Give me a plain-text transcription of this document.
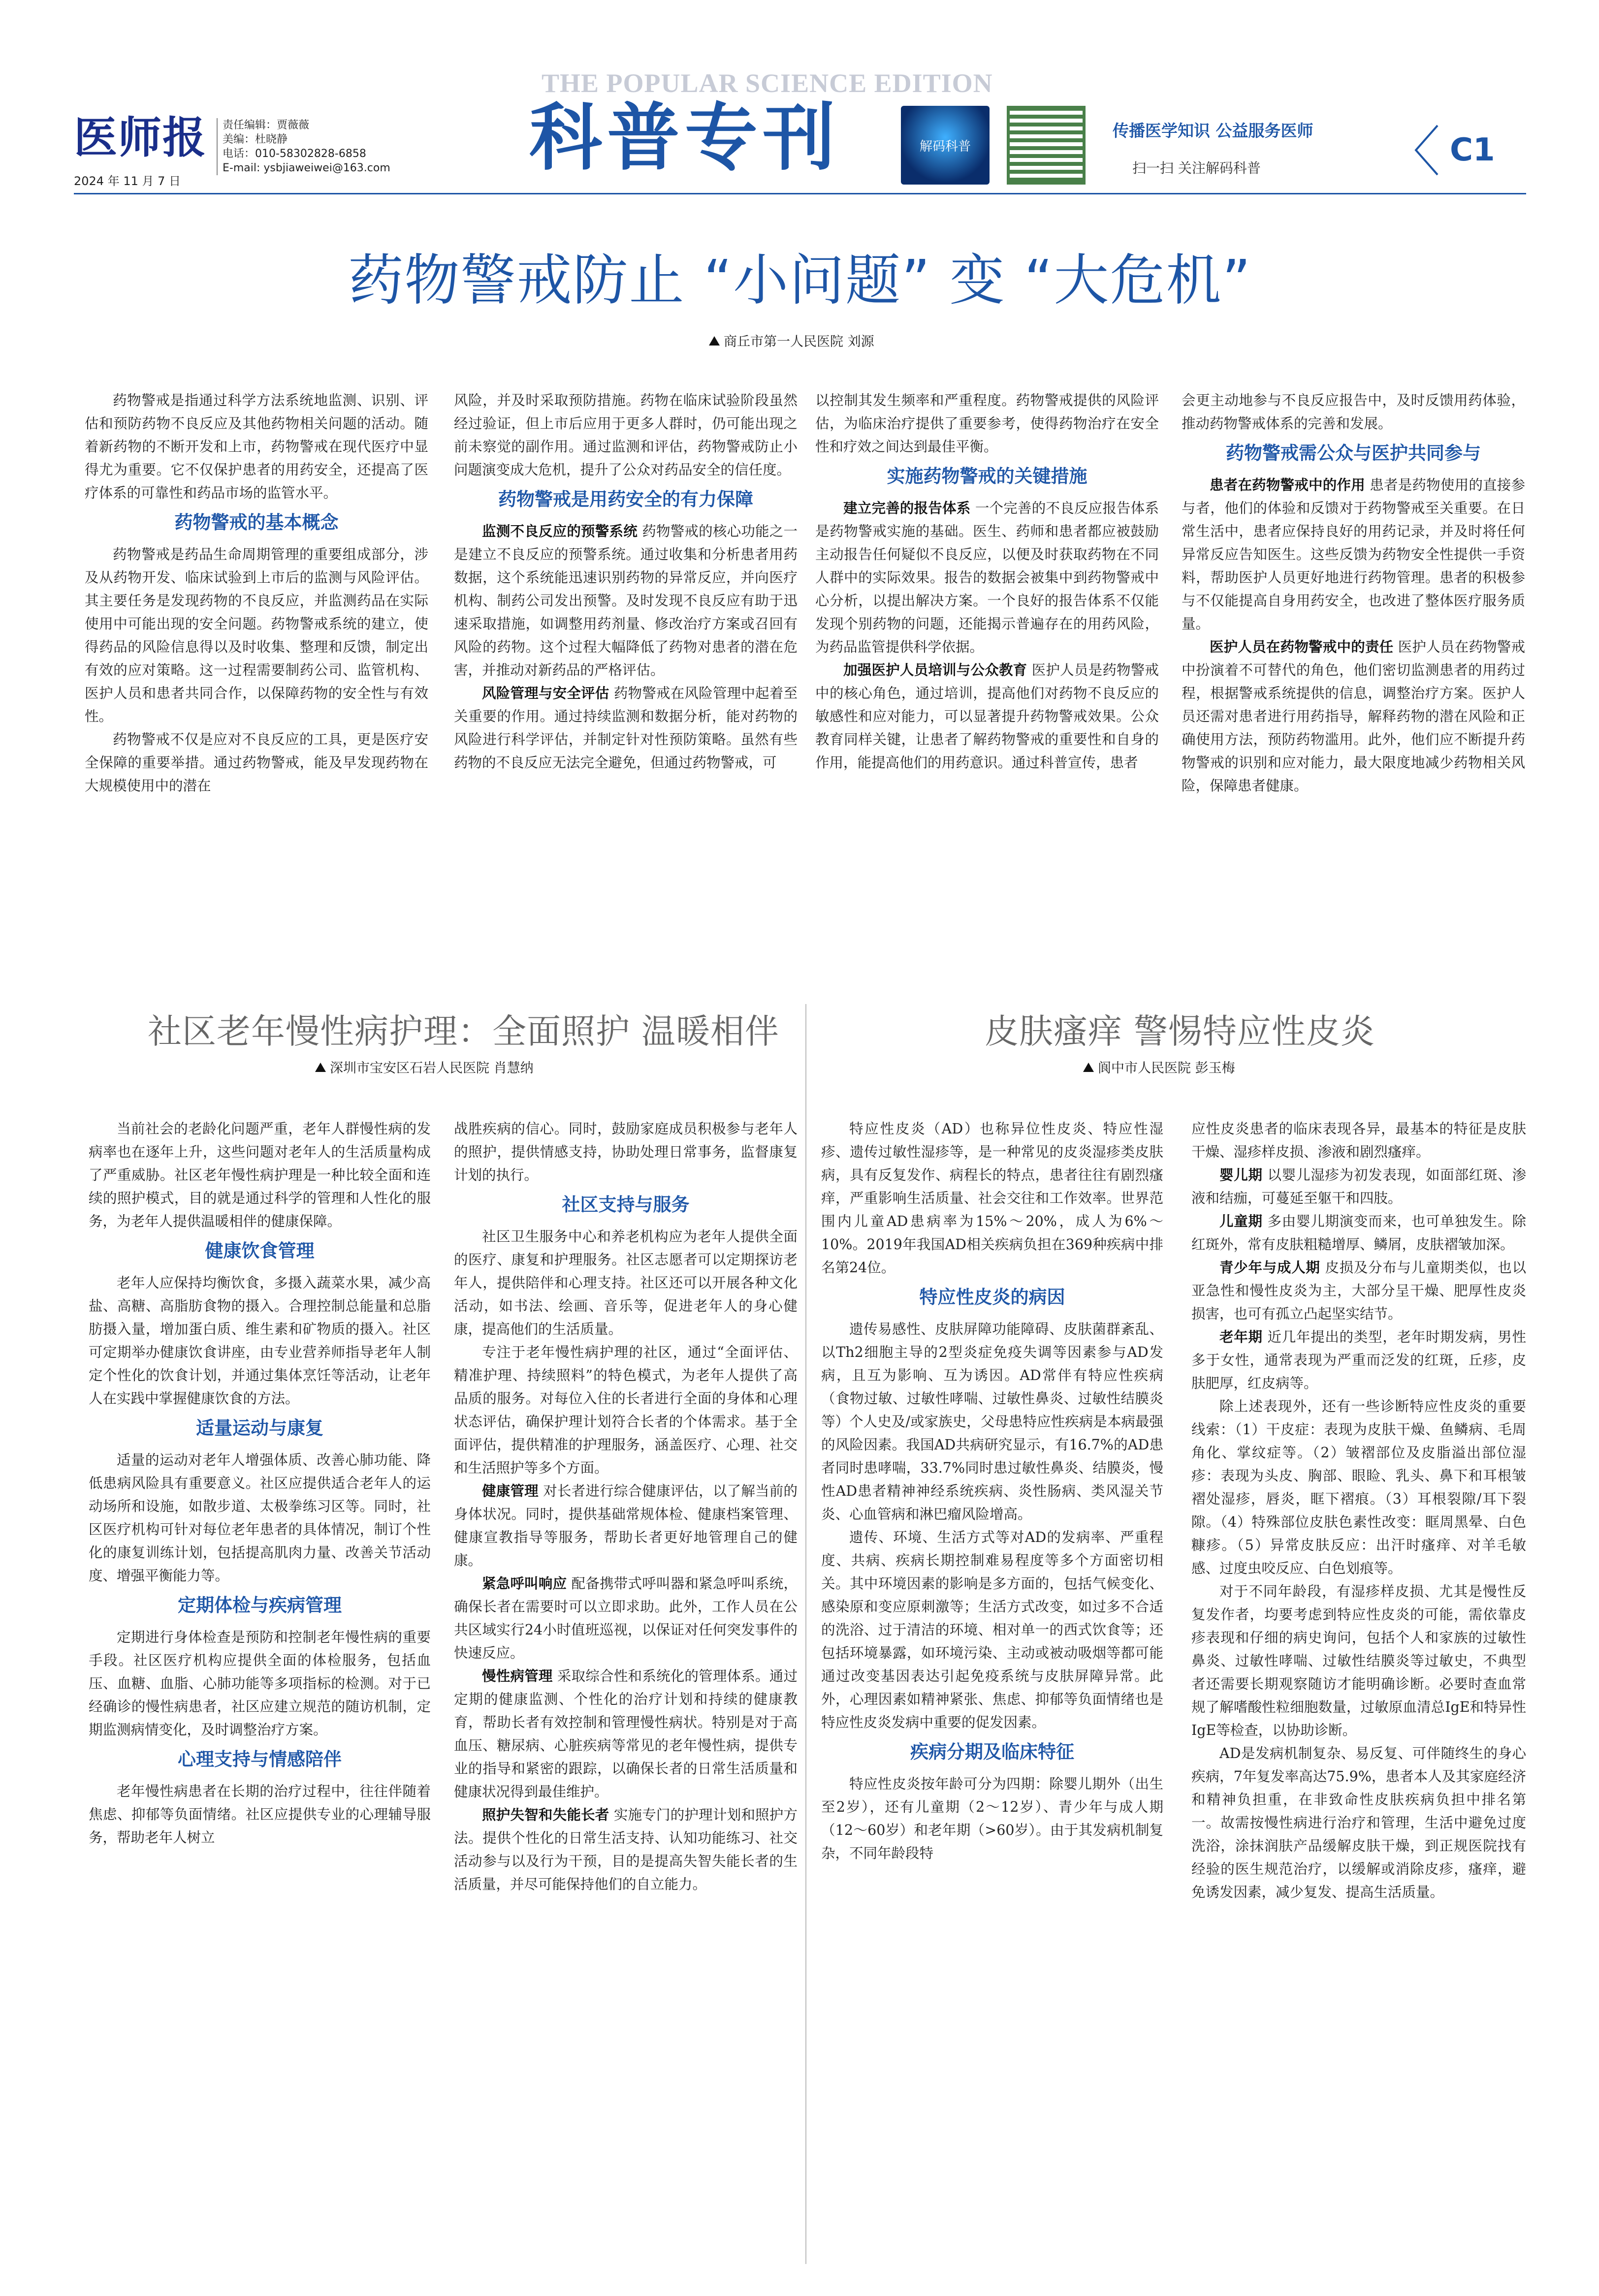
医师报 责任编辑：贾薇薇
美编：杜晓静
电话：010-58302828-6858
E-mail: ysbjiaweiwei@163.com
2024 年 11 月 7 日
THE POPULAR SCIENCE EDITION
科普专刊	解码科普
传播医学知识 公益服务医师
扫一扫 关注解码科普	C1
药物警戒防止 “小问题” 变 “大危机”
商丘市第一人民医院 刘源

药物警戒是指通过科学方法系统地监测、识别、评估和预防药物不良反应及其他药物相关问题的活动。随着新药物的不断开发和上市，药物警戒在现代医疗中显得尤为重要。它不仅保护患者的用药安全，还提高了医疗体系的可靠性和药品市场的监管水平。

药物警戒的基本概念

药物警戒是药品生命周期管理的重要组成部分，涉及从药物开发、临床试验到上市后的监测与风险评估。其主要任务是发现药物的不良反应，并监测药品在实际使用中可能出现的安全问题。药物警戒系统的建立，使得药品的风险信息得以及时收集、整理和反馈，制定出有效的应对策略。这一过程需要制药公司、监管机构、医护人员和患者共同合作，以保障药物的安全性与有效性。

药物警戒不仅是应对不良反应的工具，更是医疗安全保障的重要举措。通过药物警戒，能及早发现药物在大规模使用中的潜在

风险，并及时采取预防措施。药物在临床试验阶段虽然经过验证，但上市后应用于更多人群时，仍可能出现之前未察觉的副作用。通过监测和评估，药物警戒防止小问题演变成大危机，提升了公众对药品安全的信任度。

药物警戒是用药安全的有力保障

监测不良反应的预警系统 药物警戒的核心功能之一是建立不良反应的预警系统。通过收集和分析患者用药数据，这个系统能迅速识别药物的异常反应，并向医疗机构、制药公司发出预警。及时发现不良反应有助于迅速采取措施，如调整用药剂量、修改治疗方案或召回有风险的药物。这个过程大幅降低了药物对患者的潜在危害，并推动对新药品的严格评估。

风险管理与安全评估 药物警戒在风险管理中起着至关重要的作用。通过持续监测和数据分析，能对药物的风险进行科学评估，并制定针对性预防策略。虽然有些药物的不良反应无法完全避免，但通过药物警戒，可

以控制其发生频率和严重程度。药物警戒提供的风险评估，为临床治疗提供了重要参考，使得药物治疗在安全性和疗效之间达到最佳平衡。

实施药物警戒的关键措施

建立完善的报告体系 一个完善的不良反应报告体系是药物警戒实施的基础。医生、药师和患者都应被鼓励主动报告任何疑似不良反应，以便及时获取药物在不同人群中的实际效果。报告的数据会被集中到药物警戒中心分析，以提出解决方案。一个良好的报告体系不仅能发现个别药物的问题，还能揭示普遍存在的用药风险，为药品监管提供科学依据。

加强医护人员培训与公众教育 医护人员是药物警戒中的核心角色，通过培训，提高他们对药物不良反应的敏感性和应对能力，可以显著提升药物警戒效果。公众教育同样关键，让患者了解药物警戒的重要性和自身的作用，能提高他们的用药意识。通过科普宣传，患者

会更主动地参与不良反应报告中，及时反馈用药体验，推动药物警戒体系的完善和发展。

药物警戒需公众与医护共同参与

患者在药物警戒中的作用 患者是药物使用的直接参与者，他们的体验和反馈对于药物警戒至关重要。在日常生活中，患者应保持良好的用药记录，并及时将任何异常反应告知医生。这些反馈为药物安全性提供一手资料，帮助医护人员更好地进行药物管理。患者的积极参与不仅能提高自身用药安全，也改进了整体医疗服务质量。

医护人员在药物警戒中的责任 医护人员在药物警戒中扮演着不可替代的角色，他们密切监测患者的用药过程，根据警戒系统提供的信息，调整治疗方案。医护人员还需对患者进行用药指导，解释药物的潜在风险和正确使用方法，预防药物滥用。此外，他们应不断提升药物警戒的识别和应对能力，最大限度地减少药物相关风险，保障患者健康。

社区老年慢性病护理：全面照护 温暖相伴
深圳市宝安区石岩人民医院 肖慧纳

当前社会的老龄化问题严重，老年人群慢性病的发病率也在逐年上升，这些问题对老年人的生活质量构成了严重威胁。社区老年慢性病护理是一种比较全面和连续的照护模式，目的就是通过科学的管理和人性化的服务，为老年人提供温暖相伴的健康保障。

健康饮食管理

老年人应保持均衡饮食，多摄入蔬菜水果，减少高盐、高糖、高脂肪食物的摄入。合理控制总能量和总脂肪摄入量，增加蛋白质、维生素和矿物质的摄入。社区可定期举办健康饮食讲座，由专业营养师指导老年人制定个性化的饮食计划，并通过集体烹饪等活动，让老年人在实践中掌握健康饮食的方法。

适量运动与康复

适量的运动对老年人增强体质、改善心肺功能、降低患病风险具有重要意义。社区应提供适合老年人的运动场所和设施，如散步道、太极拳练习区等。同时，社区医疗机构可针对每位老年患者的具体情况，制订个性化的康复训练计划，包括提高肌肉力量、改善关节活动度、增强平衡能力等。

定期体检与疾病管理

定期进行身体检查是预防和控制老年慢性病的重要手段。社区医疗机构应提供全面的体检服务，包括血压、血糖、血脂、心肺功能等多项指标的检测。对于已经确诊的慢性病患者，社区应建立规范的随访机制，定期监测病情变化，及时调整治疗方案。

心理支持与情感陪伴

老年慢性病患者在长期的治疗过程中，往往伴随着焦虑、抑郁等负面情绪。社区应提供专业的心理辅导服务，帮助老年人树立

战胜疾病的信心。同时，鼓励家庭成员积极参与老年人的照护，提供情感支持，协助处理日常事务，监督康复计划的执行。

社区支持与服务

社区卫生服务中心和养老机构应为老年人提供全面的医疗、康复和护理服务。社区志愿者可以定期探访老年人，提供陪伴和心理支持。社区还可以开展各种文化活动，如书法、绘画、音乐等，促进老年人的身心健康，提高他们的生活质量。

专注于老年慢性病护理的社区，通过“全面评估、精准护理、持续照料”的特色模式，为老年人提供了高品质的服务。对每位入住的长者进行全面的身体和心理状态评估，确保护理计划符合长者的个体需求。基于全面评估，提供精准的护理服务，涵盖医疗、心理、社交和生活照护等多个方面。

健康管理 对长者进行综合健康评估，以了解当前的身体状况。同时，提供基础常规体检、健康档案管理、健康宣教指导等服务，帮助长者更好地管理自己的健康。

紧急呼叫响应 配备携带式呼叫器和紧急呼叫系统，确保长者在需要时可以立即求助。此外，工作人员在公共区域实行24小时值班巡视，以保证对任何突发事件的快速反应。

慢性病管理 采取综合性和系统化的管理体系。通过定期的健康监测、个性化的治疗计划和持续的健康教育，帮助长者有效控制和管理慢性病状。特别是对于高血压、糖尿病、心脏疾病等常见的老年慢性病，提供专业的指导和紧密的跟踪，以确保长者的日常生活质量和健康状况得到最佳维护。

照护失智和失能长者 实施专门的护理计划和照护方法。提供个性化的日常生活支持、认知功能练习、社交活动参与以及行为干预，目的是提高失智失能长者的生活质量，并尽可能保持他们的自立能力。

皮肤瘙痒 警惕特应性皮炎
阆中市人民医院 彭玉梅

特应性皮炎（AD）也称异位性皮炎、特应性湿疹、遗传过敏性湿疹等，是一种常见的皮炎湿疹类皮肤病，具有反复发作、病程长的特点，患者往往有剧烈瘙痒，严重影响生活质量、社会交往和工作效率。世界范围内儿童AD患病率为15%～20%，成人为6%～10%。2019年我国AD相关疾病负担在369种疾病中排名第24位。

特应性皮炎的病因

遗传易感性、皮肤屏障功能障碍、皮肤菌群紊乱、以Th2细胞主导的2型炎症免疫失调等因素参与AD发病，且互为影响、互为诱因。AD常伴有特应性疾病（食物过敏、过敏性哮喘、过敏性鼻炎、过敏性结膜炎等）个人史及/或家族史，父母患特应性疾病是本病最强的风险因素。我国AD共病研究显示，有16.7%的AD患者同时患哮喘，33.7%同时患过敏性鼻炎、结膜炎，慢性AD患者精神神经系统疾病、炎性肠病、类风湿关节炎、心血管病和淋巴瘤风险增高。

遗传、环境、生活方式等对AD的发病率、严重程度、共病、疾病长期控制难易程度等多个方面密切相关。其中环境因素的影响是多方面的，包括气候变化、感染原和变应原刺激等；生活方式改变，如过多不合适的洗浴、过于清洁的环境、相对单一的西式饮食等；还包括环境暴露，如环境污染、主动或被动吸烟等都可能通过改变基因表达引起免疫系统与皮肤屏障异常。此外，心理因素如精神紧张、焦虑、抑郁等负面情绪也是特应性皮炎发病中重要的促发因素。

疾病分期及临床特征

特应性皮炎按年龄可分为四期：除婴儿期外（出生至2岁），还有儿童期（2～12岁）、青少年与成人期（12～60岁）和老年期（>60岁）。由于其发病机制复杂，不同年龄段特

应性皮炎患者的临床表现各异，最基本的特征是皮肤干燥、湿疹样皮损、渗液和剧烈瘙痒。

婴儿期 以婴儿湿疹为初发表现，如面部红斑、渗液和结痂，可蔓延至躯干和四肢。

儿童期 多由婴儿期演变而来，也可单独发生。除红斑外，常有皮肤粗糙增厚、鳞屑，皮肤褶皱加深。

青少年与成人期 皮损及分布与儿童期类似，也以亚急性和慢性皮炎为主，大部分呈干燥、肥厚性皮炎损害，也可有孤立凸起坚实结节。

老年期 近几年提出的类型，老年时期发病，男性多于女性，通常表现为严重而泛发的红斑，丘疹，皮肤肥厚，红皮病等。

除上述表现外，还有一些诊断特应性皮炎的重要线索：（1）干皮症：表现为皮肤干燥、鱼鳞病、毛周角化、掌纹症等。（2）皱褶部位及皮脂溢出部位湿疹：表现为头皮、胸部、眼睑、乳头、鼻下和耳根皱褶处湿疹，唇炎，眶下褶痕。（3）耳根裂隙/耳下裂隙。（4）特殊部位皮肤色素性改变：眶周黑晕、白色糠疹。（5）异常皮肤反应：出汗时瘙痒、对羊毛敏感、过度虫咬反应、白色划痕等。

对于不同年龄段，有湿疹样皮损、尤其是慢性反复发作者，均要考虑到特应性皮炎的可能，需依靠皮疹表现和仔细的病史询问，包括个人和家族的过敏性鼻炎、过敏性哮喘、过敏性结膜炎等过敏史，不典型者还需要长期观察随访才能明确诊断。必要时查血常规了解嗜酸性粒细胞数量，过敏原血清总IgE和特异性IgE等检查，以协助诊断。

AD是发病机制复杂、易反复、可伴随终生的身心疾病，7年复发率高达75.9%，患者本人及其家庭经济和精神负担重，在非致命性皮肤疾病负担中排名第一。故需按慢性病进行治疗和管理，生活中避免过度洗浴，涂抹润肤产品缓解皮肤干燥，到正规医院找有经验的医生规范治疗，以缓解或消除皮疹，瘙痒，避免诱发因素，减少复发、提高生活质量。
